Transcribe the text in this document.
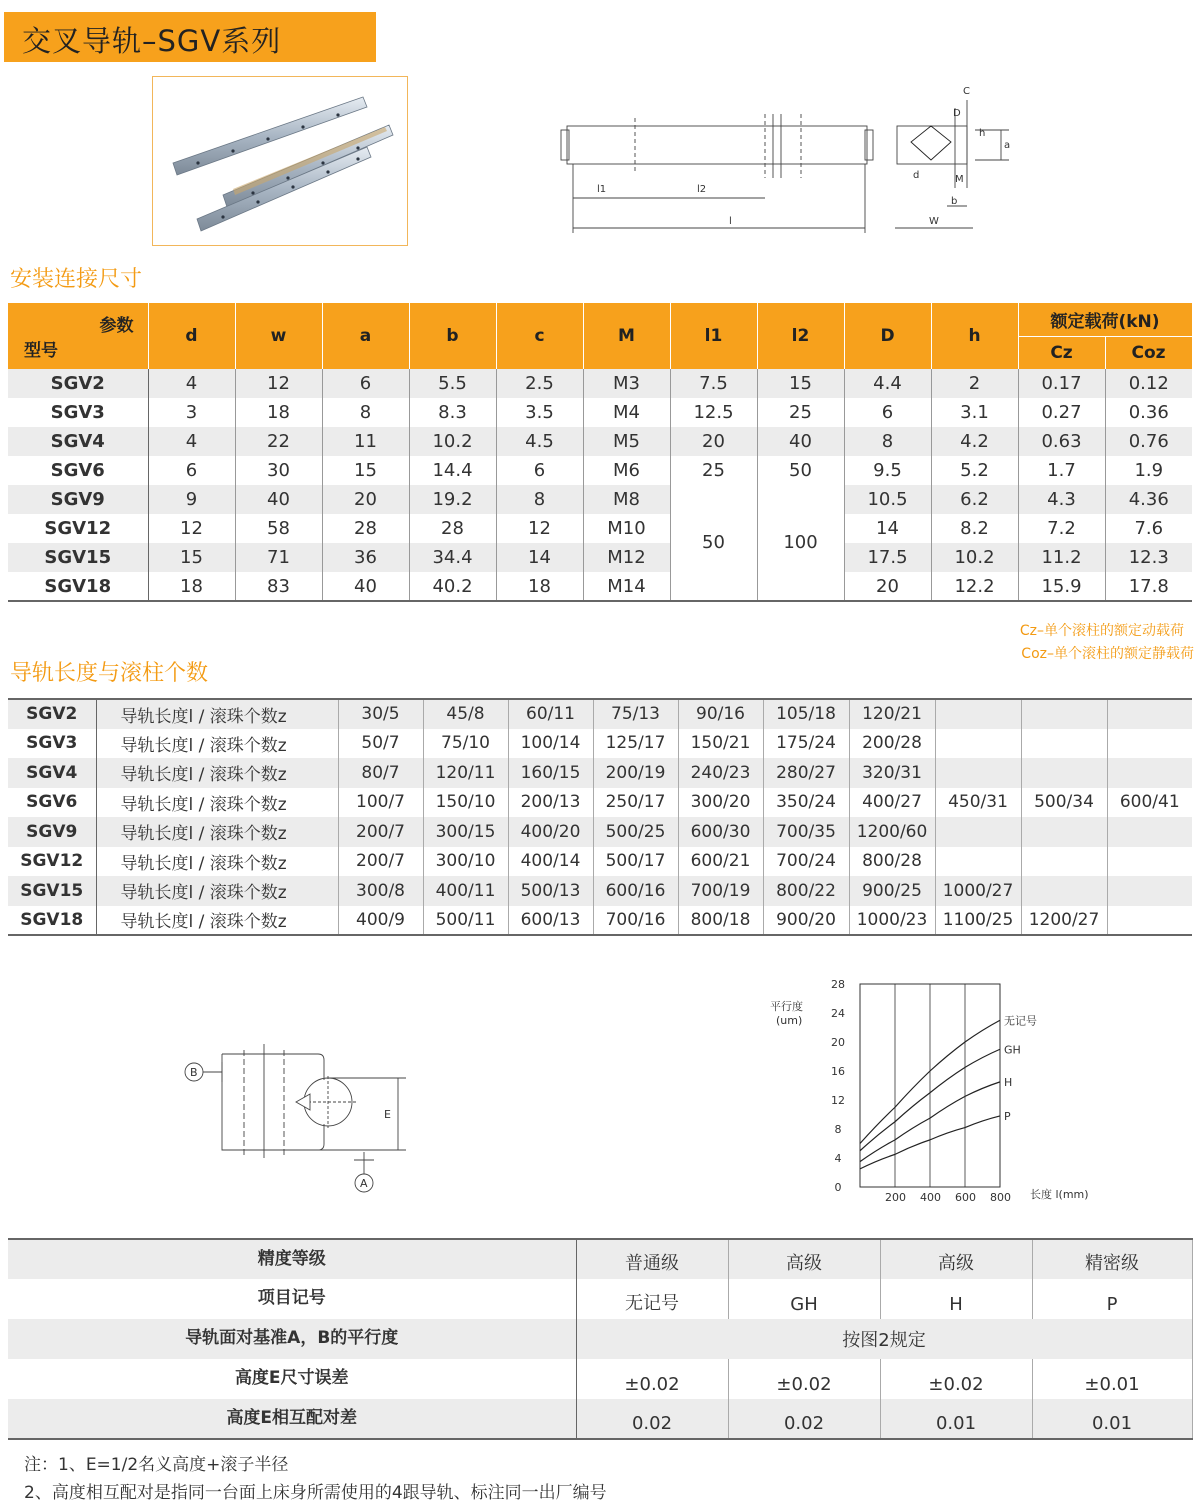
交叉导轨–SGV系列
l1	l2
l
C
D
h
a
d	M
b
W
安装连接尺寸
参数
型号	d	w	a	b	c	M	l1	l2	D	h	额定载荷(kN)	
											Cz	Coz
SGV2	4	12	6	5.5	2.5	M3	7.5	15	4.4	2	0.17	0.12
SGV3	3	18	8	8.3	3.5	M4	12.5	25	6	3.1	0.27	0.36
SGV4	4	22	11	10.2	4.5	M5	20	40	8	4.2	0.63	0.76
SGV6	6	30	15	14.4	6	M6	25	50	9.5	5.2	1.7	1.9
SGV9	9	40	20	19.2	8	M8	50	100	10.5	6.2	4.3	4.36
SGV12	12	58	28	28	12	M10			14	8.2	7.2	7.6
SGV15	15	71	36	34.4	14	M12			17.5	10.2	11.2	12.3
SGV18	18	83	40	40.2	18	M14			20	12.2	15.9	17.8
Cz–单个滚柱的额定动载荷
Coz–单个滚柱的额定静载荷
导轨长度与滚柱个数
SGV2	导轨长度l / 滚珠个数z	30/5	45/8	60/11	75/13	90/16	105/18	120/21			
SGV3	导轨长度l / 滚珠个数z	50/7	75/10	100/14	125/17	150/21	175/24	200/28			
SGV4	导轨长度l / 滚珠个数z	80/7	120/11	160/15	200/19	240/23	280/27	320/31			
SGV6	导轨长度l / 滚珠个数z	100/7	150/10	200/13	250/17	300/20	350/24	400/27	450/31	500/34	600/41
SGV9	导轨长度l / 滚珠个数z	200/7	300/15	400/20	500/25	600/30	700/35	1200/60			
SGV12	导轨长度l / 滚珠个数z	200/7	300/10	400/14	500/17	600/21	700/24	800/28			
SGV15	导轨长度l / 滚珠个数z	300/8	400/11	500/13	600/16	700/19	800/22	900/25	1000/27		
SGV18	导轨长度l / 滚珠个数z	400/9	500/11	600/13	700/16	800/18	900/20	1000/23	1100/25	1200/27	
B
A
E
平行度
(um)
200 400 600 800
0
4
8
12
16
20
24
28
无记号
GH
H
P
长度 l(mm)
精度等级	普通级	高级	高级	精密级
项目记号	无记号	GH	H	P
导轨面对基准A，B的平行度	按图2规定			
高度E尺寸误差	±0.02	±0.02	±0.02	±0.01
高度E相互配对差	0.02	0.02	0.01	0.01
注：1、E=1/2名义高度+滚子半径
2、高度相互配对是指同一台面上床身所需使用的4跟导轨、标注同一出厂编号
